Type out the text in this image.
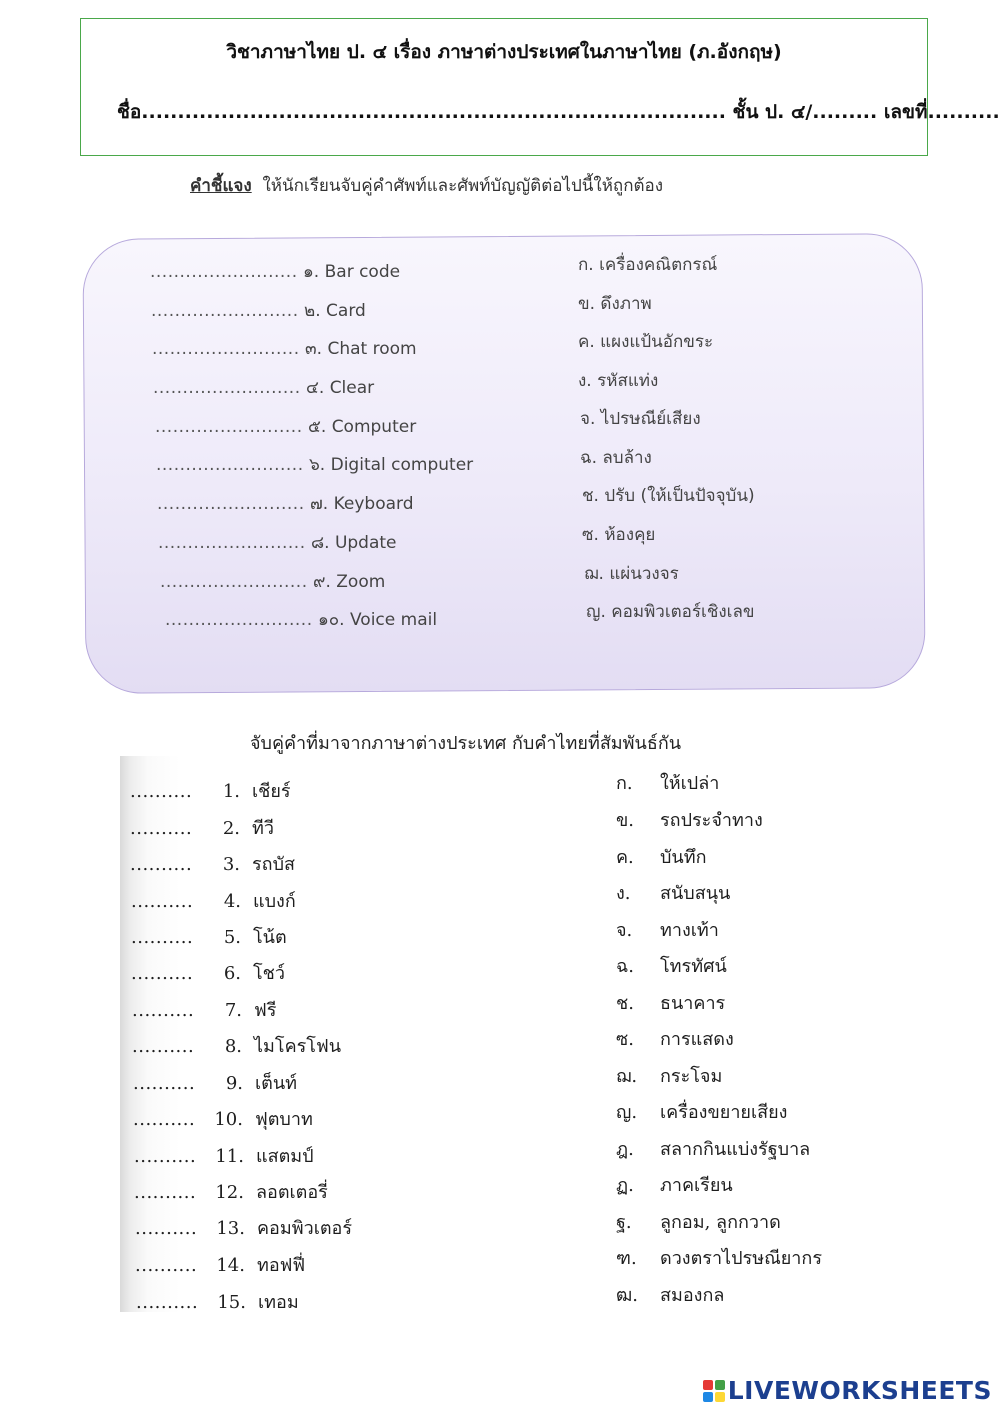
วิชาภาษาไทย ป. ๔ เรื่อง ภาษาต่างประเทศในภาษาไทย (ภ.อังกฤษ)
ชื่อ................................................................................. ชั้น ป. ๔/......... เลขที่..........
คำชี้แจง ให้นักเรียนจับคู่คำศัพท์และศัพท์บัญญัติต่อไปนี้ให้ถูกต้อง
......................... ๑. Bar code
......................... ๒. Card
......................... ๓. Chat room
......................... ๔. Clear
......................... ๕. Computer
......................... ๖. Digital computer
......................... ๗. Keyboard
......................... ๘. Update
......................... ๙. Zoom
......................... ๑๐. Voice mail
ก. เครื่องคณิตกรณ์
ข. ดึงภาพ
ค. แผงแป้นอักขระ
ง. รหัสแท่ง
จ. ไปรษณีย์เสียง
ฉ. ลบล้าง
ช. ปรับ (ให้เป็นปัจจุบัน)
ซ. ห้องคุย
ฌ. แผ่นวงจร
ญ. คอมพิวเตอร์เชิงเลข
จับคู่คำที่มาจากภาษาต่างประเทศ กับคำไทยที่สัมพันธ์กัน
.......... 1. เชียร์
.......... 2. ทีวี
.......... 3. รถบัส
.......... 4. แบงก์
.......... 5. โน้ต
.......... 6. โชว์
.......... 7. ฟรี
.......... 8. ไมโครโฟน
.......... 9. เต็นท์
.......... 10. ฟุตบาท
.......... 11. แสตมป์
.......... 12. ลอตเตอรี่
.......... 13. คอมพิวเตอร์
.......... 14. ทอฟฟี่
.......... 15. เทอม
ก. ให้เปล่า
ข. รถประจำทาง
ค. บันทึก
ง. สนับสนุน
จ. ทางเท้า
ฉ. โทรทัศน์
ช. ธนาคาร
ซ. การแสดง
ฌ. กระโจม
ญ. เครื่องขยายเสียง
ฎ. สลากกินแบ่งรัฐบาล
ฏ. ภาคเรียน
ฐ. ลูกอม, ลูกกวาด
ฑ. ดวงตราไปรษณียากร
ฒ. สมองกล
LIVEWORKSHEETS
